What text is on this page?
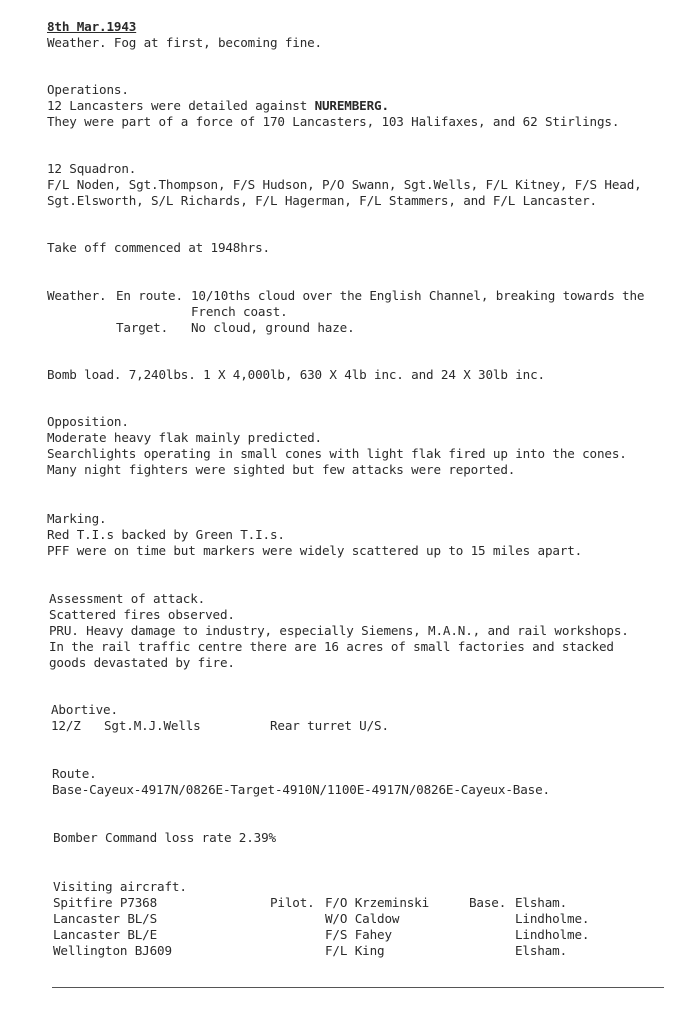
8th Mar.1943
Weather. Fog at first, becoming fine.
Operations.
12 Lancasters were detailed against NUREMBERG.
They were part of a force of 170 Lancasters, 103 Halifaxes, and 62 Stirlings.
12 Squadron.
F/L Noden, Sgt.Thompson, F/S Hudson, P/O Swann, Sgt.Wells, F/L Kitney, F/S Head,
Sgt.Elsworth, S/L Richards, F/L Hagerman, F/L Stammers, and F/L Lancaster.
Take off commenced at 1948hrs.
Weather. En route. 10/10ths cloud over the English Channel, breaking towards the
French coast.
Target. No cloud, ground haze.
Bomb load. 7,240lbs. 1 X 4,000lb, 630 X 4lb inc. and 24 X 30lb inc.
Opposition.
Moderate heavy flak mainly predicted.
Searchlights operating in small cones with light flak fired up into the cones.
Many night fighters were sighted but few attacks were reported.
Marking.
Red T.I.s backed by Green T.I.s.
PFF were on time but markers were widely scattered up to 15 miles apart.
Assessment of attack.
Scattered fires observed.
PRU. Heavy damage to industry, especially Siemens, M.A.N., and rail workshops.
In the rail traffic centre there are 16 acres of small factories and stacked
goods devastated by fire.
Abortive.
12/Z Sgt.M.J.Wells	Rear turret U/S.
Route.
Base-Cayeux-4917N/0826E-Target-4910N/1100E-4917N/0826E-Cayeux-Base.
Bomber Command loss rate 2.39%
Visiting aircraft.
Pilot.	Base.
Spitfire P7368	F/O Krzeminski	Elsham.
Lancaster BL/S	W/O Caldow	Lindholme.
Lancaster BL/E	F/S Fahey	Lindholme.
Wellington BJ609	F/L King	Elsham.
